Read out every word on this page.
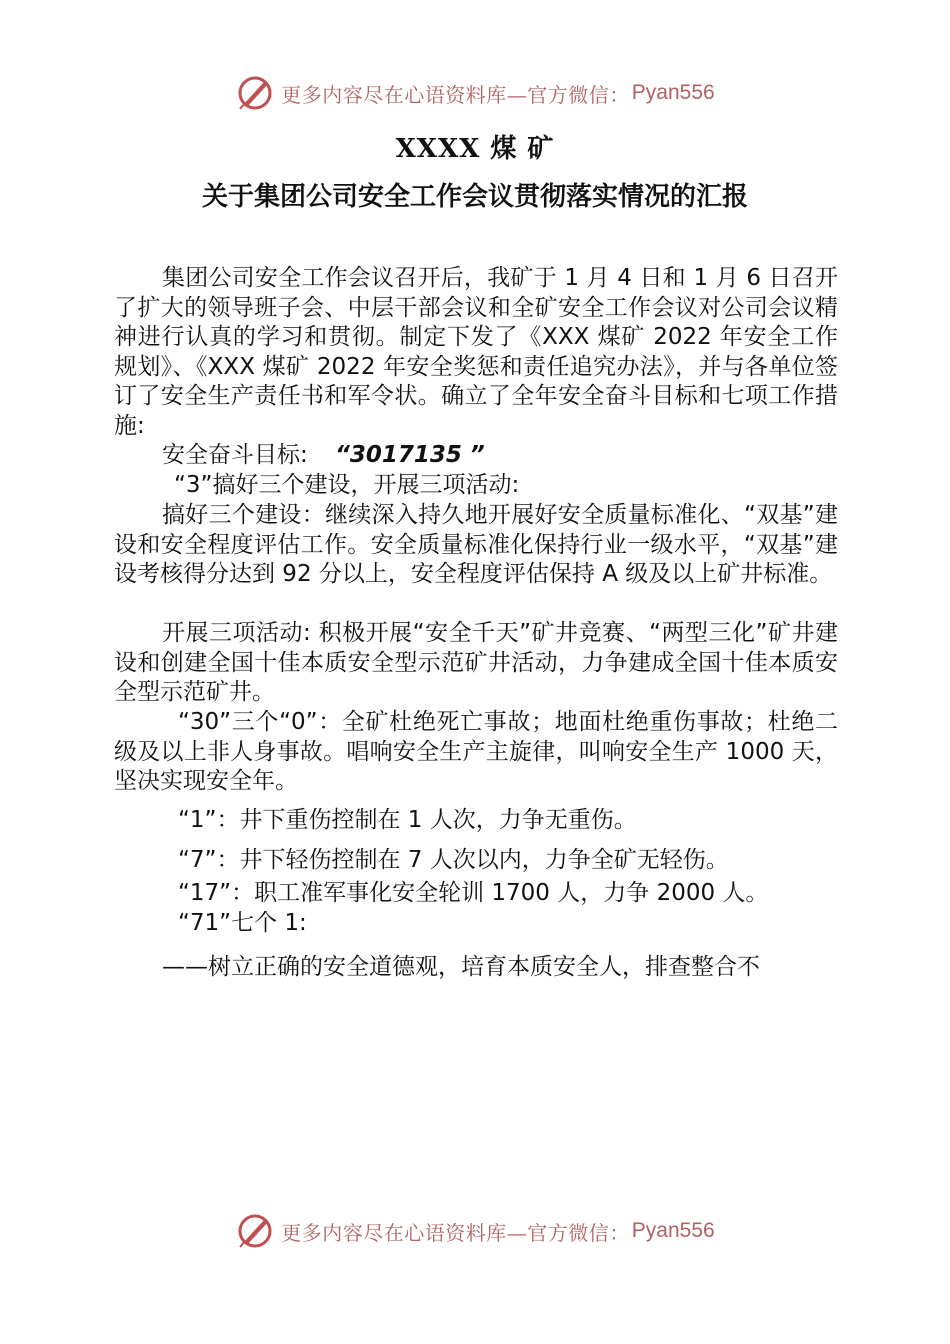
更多内容尽在心语资料库—官方微信： Pyan556
XXXX 煤 矿
关于集团公司安全工作会议贯彻落实情况的汇报

集团公司安全工作会议召开后，我矿于 1 月 4 日和 1 月 6 日召开了扩大的领导班子会、中层干部会议和全矿安全工作会议对公司会议精神进行认真的学习和贯彻。制定下发了《XXX 煤矿 2022 年安全工作规划》、《XXX 煤矿 2022 年安全奖惩和责任追究办法》，并与各单位签订了安全生产责任书和军令状。确立了全年安全奋斗目标和七项工作措施:

安全奋斗目标: “3017135 ”
“3”搞好三个建设，开展三项活动:

搞好三个建设：继续深入持久地开展好安全质量标准化、“双基”建设和安全程度评估工作。安全质量标准化保持行业一级水平，“双基”建设考核得分达到 92 分以上，安全程度评估保持 A 级及以上矿井标准。

开展三项活动: 积极开展“安全千天”矿井竞赛、“两型三化”矿井建设和创建全国十佳本质安全型示范矿井活动，力争建成全国十佳本质安全型示范矿井。

“30”三个“0”：全矿杜绝死亡事故；地面杜绝重伤事故；杜绝二级及以上非人身事故。唱响安全生产主旋律，叫响安全生产 1000 天，坚决实现安全年。

“1”：井下重伤控制在 1 人次，力争无重伤。
“7”：井下轻伤控制在 7 人次以内，力争全矿无轻伤。
“17”：职工准军事化安全轮训 1700 人，力争 2000 人。
“71”七个 1:
——树立正确的安全道德观，培育本质安全人，排查整合不
更多内容尽在心语资料库—官方微信： Pyan556
